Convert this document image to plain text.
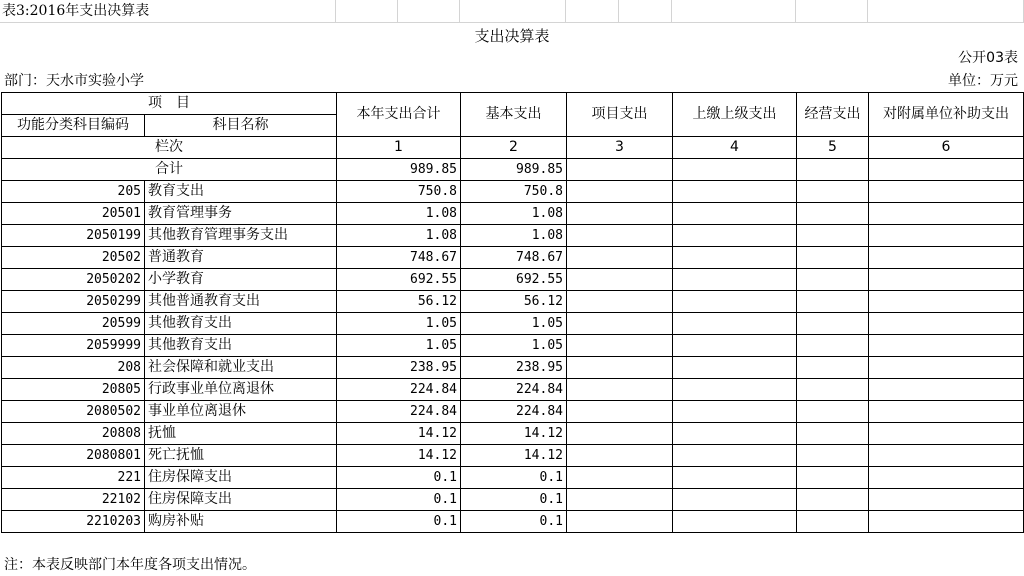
表3:2016年支出决算表
支出决算表
公开03表
部门：天水市实验小学	单位：万元
项　目		本年支出合计	基本支出	项目支出	上缴上级支出	经营支出	对附属单位补助支出
功能分类科目编码	科目名称						
栏次		1	2	3	4	5	6
合计		989.85	989.85				
205	教育支出	750.8	750.8				
20501	教育管理事务	1.08	1.08				
2050199	其他教育管理事务支出	1.08	1.08				
20502	普通教育	748.67	748.67				
2050202	小学教育	692.55	692.55				
2050299	其他普通教育支出	56.12	56.12				
20599	其他教育支出	1.05	1.05				
2059999	其他教育支出	1.05	1.05				
208	社会保障和就业支出	238.95	238.95				
20805	行政事业单位离退休	224.84	224.84				
2080502	事业单位离退休	224.84	224.84				
20808	抚恤	14.12	14.12				
2080801	死亡抚恤	14.12	14.12				
221	住房保障支出	0.1	0.1				
22102	住房保障支出	0.1	0.1				
2210203	购房补贴	0.1	0.1				
注：本表反映部门本年度各项支出情况。
